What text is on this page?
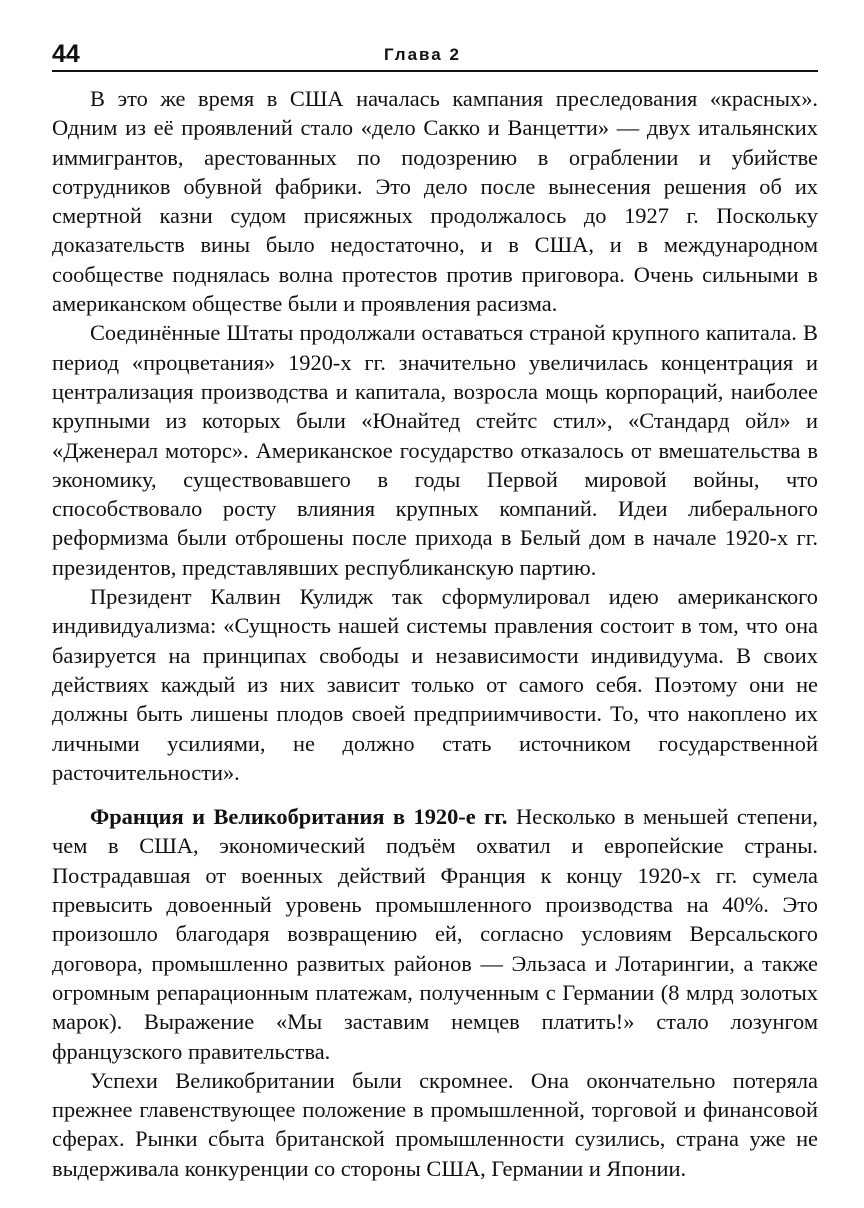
44	Глава 2

В это же время в США началась кампания преследования «красных». Одним из её проявлений стало «дело Сакко и Ванцетти» — двух итальянских иммигрантов, арестованных по подозрению в ограблении и убийстве сотрудников обувной фабрики. Это дело после вынесения решения об их смертной казни судом присяжных продолжалось до 1927 г. Поскольку доказательств вины было недостаточно, и в США, и в международном сообществе поднялась волна протестов против приговора. Очень сильными в американском обществе были и проявления расизма.

Соединённые Штаты продолжали оставаться страной крупного капитала. В период «процветания» 1920-х гг. значительно увеличилась концентрация и централизация производства и капитала, возросла мощь корпораций, наиболее крупными из которых были «Юнайтед стейтс стил», «Стандард ойл» и «Дженерал моторс». Американское государство отказалось от вмешательства в экономику, существовавшего в годы Первой мировой войны, что способствовало росту влияния крупных компаний. Идеи либерального реформизма были отброшены после прихода в Белый дом в начале 1920-х гг. президентов, представлявших республиканскую партию.

Президент Калвин Кулидж так сформулировал идею американского индивидуализма: «Сущность нашей системы правления состоит в том, что она базируется на принципах свободы и независимости индивидуума. В своих действиях каждый из них зависит только от самого себя. Поэтому они не должны быть лишены плодов своей предприимчивости. То, что накоплено их личными усилиями, не должно стать источником государственной расточительности».

Франция и Великобритания в 1920-е гг. Несколько в меньшей степени, чем в США, экономический подъём охватил и европейские страны. Пострадавшая от военных действий Франция к концу 1920-х гг. сумела превысить довоенный уровень промышленного производства на 40%. Это произошло благодаря возвращению ей, согласно условиям Версальского договора, промышленно развитых районов — Эльзаса и Лотарингии, а также огромным репарационным платежам, полученным с Германии (8 млрд золотых марок). Выражение «Мы заставим немцев платить!» стало лозунгом французского правительства.

Успехи Великобритании были скромнее. Она окончательно потеряла прежнее главенствующее положение в промышленной, торговой и финансовой сферах. Рынки сбыта британской промышленности сузились, страна уже не выдерживала конкуренции со стороны США, Германии и Японии.
